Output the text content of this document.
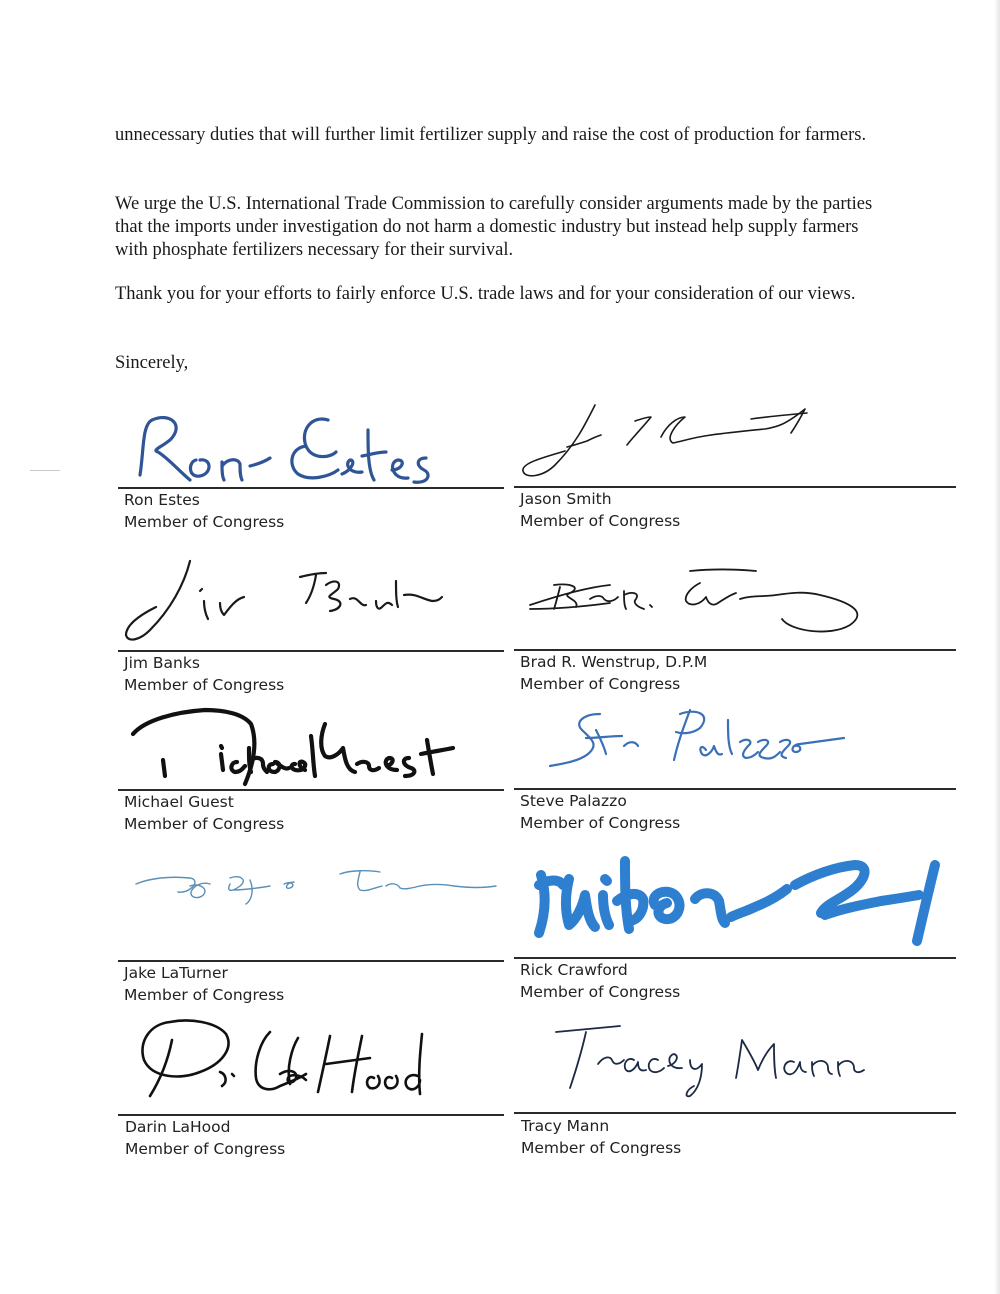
unnecessary duties that will further limit fertilizer supply and raise the cost of production for farmers.

We urge the U.S. International Trade Commission to carefully consider arguments made by the parties that the imports under investigation do not harm a domestic industry but instead help supply farmers with phosphate fertilizers necessary for their survival.

Thank you for your efforts to fairly enforce U.S. trade laws and for your consideration of our views.

Sincerely,

Ron Estes
Member of Congress
Jason Smith
Member of Congress
Jim Banks
Member of Congress
Brad R. Wenstrup, D.P.M
Member of Congress
Michael Guest
Member of Congress
Steve Palazzo
Member of Congress
Jake LaTurner
Member of Congress
Rick Crawford
Member of Congress
Darin LaHood
Member of Congress
Tracy Mann
Member of Congress
